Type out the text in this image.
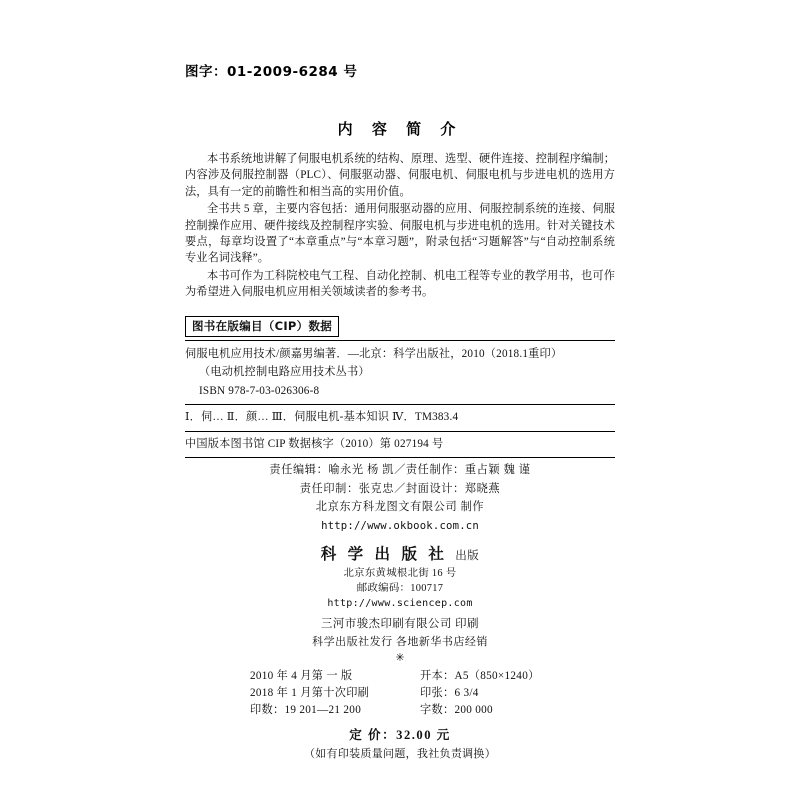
图字：01-2009-6284 号
内 容 简 介

本书系统地讲解了伺服电机系统的结构、原理、选型、硬件连接、控制程序编制；内容涉及伺服控制器（PLC）、伺服驱动器、伺服电机、伺服电机与步进电机的选用方法，具有一定的前瞻性和相当高的实用价值。

全书共 5 章，主要内容包括：通用伺服驱动器的应用、伺服控制系统的连接、伺服控制操作应用、硬件接线及控制程序实验、伺服电机与步进电机的选用。针对关键技术要点，每章均设置了“本章重点”与“本章习题”，附录包括“习题解答”与“自动控制系统专业名词浅释”。

本书可作为工科院校电气工程、自动化控制、机电工程等专业的教学用书，也可作为希望进入伺服电机应用相关领域读者的参考书。

图书在版编目（CIP）数据

伺服电机应用技术/颜嘉男编著．—北京：科学出版社，2010（2018.1重印）

（电动机控制电路应用技术丛书）

ISBN 978-7-03-026306-8

Ⅰ．伺… Ⅱ．颜… Ⅲ．伺服电机-基本知识 Ⅳ．TM383.4

中国版本图书馆 CIP 数据核字（2010）第 027194 号

责任编辑：喻永光 杨 凯／责任制作：重占颖 魏 谨

责任印制：张克忠／封面设计：郑晓燕

北京东方科龙图文有限公司 制作

http://www.okbook.com.cn

科 学 出 版 社 出版

北京东黄城根北街 16 号

邮政编码：100717

http://www.sciencep.com

三河市骏杰印刷有限公司 印刷

科学出版社发行 各地新华书店经销

✳

2010 年 4 月第 一 版	开本：A5（850×1240）
2018 年 1 月第十次印刷	印张：6 3/4
印数：19 201—21 200	字数：200 000

定 价：32.00 元

（如有印装质量问题，我社负责调换）
